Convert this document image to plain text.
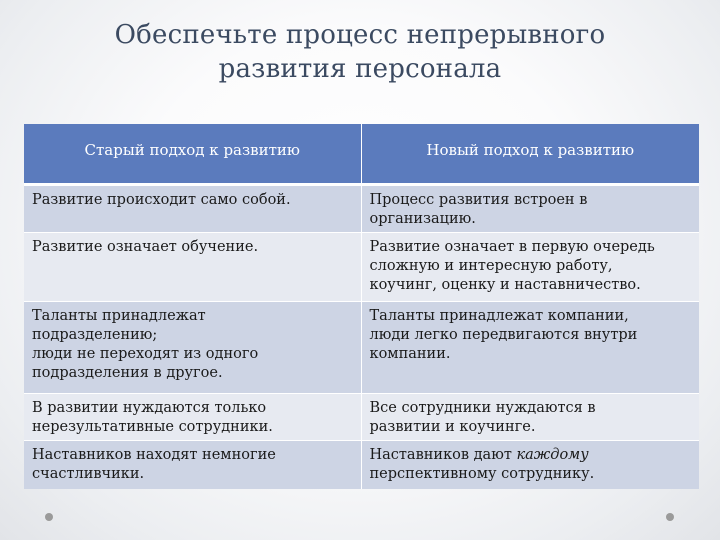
Обеспечьте процесс непрерывного
развития персонала
Старый подход к развитию	Новый подход к развитию

Развитие происходит само собой.	Процесс развития встроен в
организацию.

Развитие означает обучение.	Развитие означает в первую очередь
сложную и интересную работу,
коучинг, оценку и наставничество.

Таланты принадлежат
подразделению;
люди не переходят из одного
подразделения в другое.	Таланты принадлежат компании,
люди легко передвигаются внутри
компании.

В развитии нуждаются только
нерезультативные сотрудники.	Все сотрудники нуждаются в
развитии и коучинге.

Наставников находят немногие
счастливчики.	Наставников дают каждому
перспективному сотруднику.
